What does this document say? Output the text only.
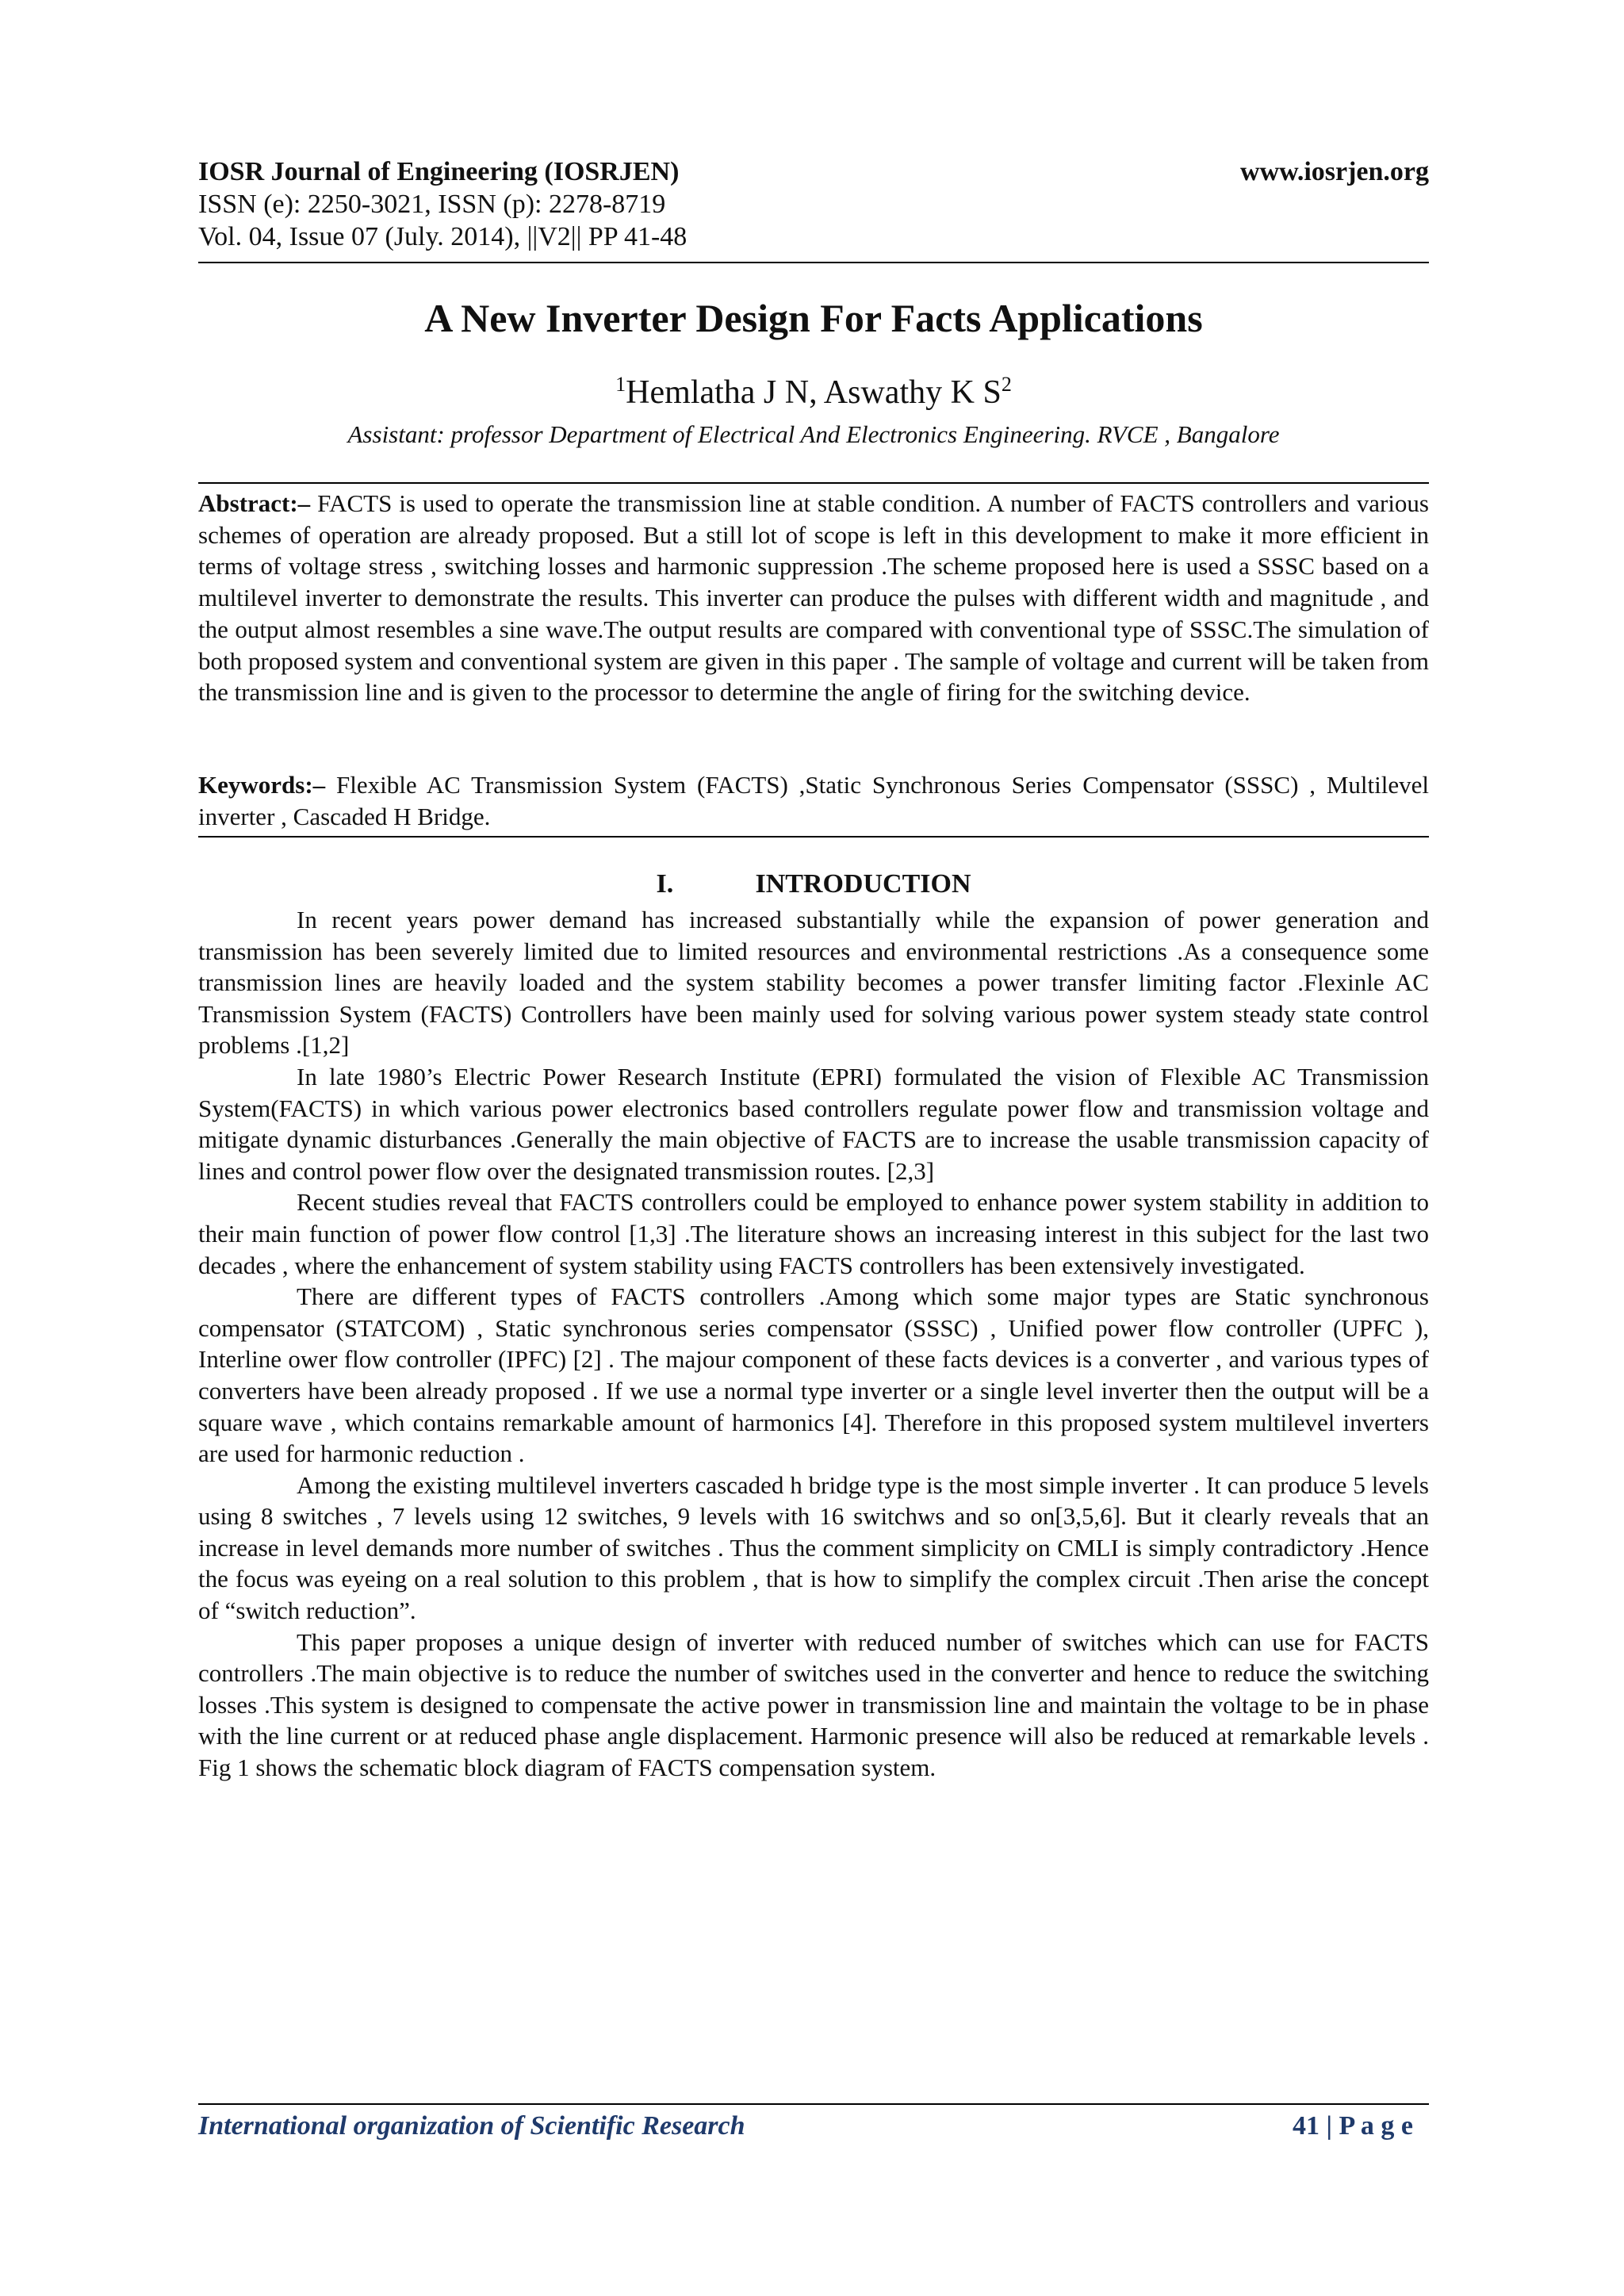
IOSR Journal of Engineering (IOSRJEN)	www.iosrjen.org
ISSN (e): 2250-3021, ISSN (p): 2278-8719
Vol. 04, Issue 07 (July. 2014), ||V2|| PP 41-48
A New Inverter Design For Facts Applications
$^1$Hemlatha J N, Aswathy K $S^2$
Assistant: professor Department of Electrical And Electronics Engineering. RVCE , Bangalore
Abstract:– FACTS is used to operate the transmission line at stable condition. A number of FACTS controllers and various schemes of operation are already proposed. But a still lot of scope is left in this development to make it more efficient in terms of voltage stress , switching losses and harmonic suppression .The scheme proposed here is used a SSSC based on a multilevel inverter to demonstrate the results. This inverter can produce the pulses with different width and magnitude , and the output almost resembles a sine wave.The output results are compared with conventional type of SSSC.The simulation of both proposed system and conventional system are given in this paper . The sample of voltage and current will be taken from the transmission line and is given to the processor to determine the angle of firing for the switching device.
Keywords:– Flexible AC Transmission System (FACTS) ,Static Synchronous Series Compensator (SSSC) , Multilevel inverter , Cascaded H Bridge.
I.	INTRODUCTION

In recent years power demand has increased substantially while the expansion of power generation and transmission has been severely limited due to limited resources and environmental restrictions .As a consequence some transmission lines are heavily loaded and the system stability becomes a power transfer limiting factor .Flexinle AC Transmission System (FACTS) Controllers have been mainly used for solving various power system steady state control problems .[1,2]

In late 1980’s Electric Power Research Institute (EPRI) formulated the vision of Flexible AC Transmission System(FACTS) in which various power electronics based controllers regulate power flow and transmission voltage and mitigate dynamic disturbances .Generally the main objective of FACTS are to increase the usable transmission capacity of lines and control power flow over the designated transmission routes. [2,3]

Recent studies reveal that FACTS controllers could be employed to enhance power system stability in addition to their main function of power flow control [1,3] .The literature shows an increasing interest in this subject for the last two decades , where the enhancement of system stability using FACTS controllers has been extensively investigated.

There are different types of FACTS controllers .Among which some major types are Static synchronous compensator (STATCOM) , Static synchronous series compensator (SSSC) , Unified power flow controller (UPFC ), Interline ower flow controller (IPFC) [2] . The majour component of these facts devices is a converter , and various types of converters have been already proposed . If we use a normal type inverter or a single level inverter then the output will be a square wave , which contains remarkable amount of harmonics [4]. Therefore in this proposed system multilevel inverters are used for harmonic reduction .

Among the existing multilevel inverters cascaded h bridge type is the most simple inverter . It can produce 5 levels using 8 switches , 7 levels using 12 switches, 9 levels with 16 switchws and so on[3,5,6]. But it clearly reveals that an increase in level demands more number of switches . Thus the comment simplicity on CMLI is simply contradictory .Hence the focus was eyeing on a real solution to this problem , that is how to simplify the complex circuit .Then arise the concept of “switch reduction”.

This paper proposes a unique design of inverter with reduced number of switches which can use for FACTS controllers .The main objective is to reduce the number of switches used in the converter and hence to reduce the switching losses .This system is designed to compensate the active power in transmission line and maintain the voltage to be in phase with the line current or at reduced phase angle displacement. Harmonic presence will also be reduced at remarkable levels . Fig 1 shows the schematic block diagram of FACTS compensation system.

International organization of Scientific Research	41 | P a g e
